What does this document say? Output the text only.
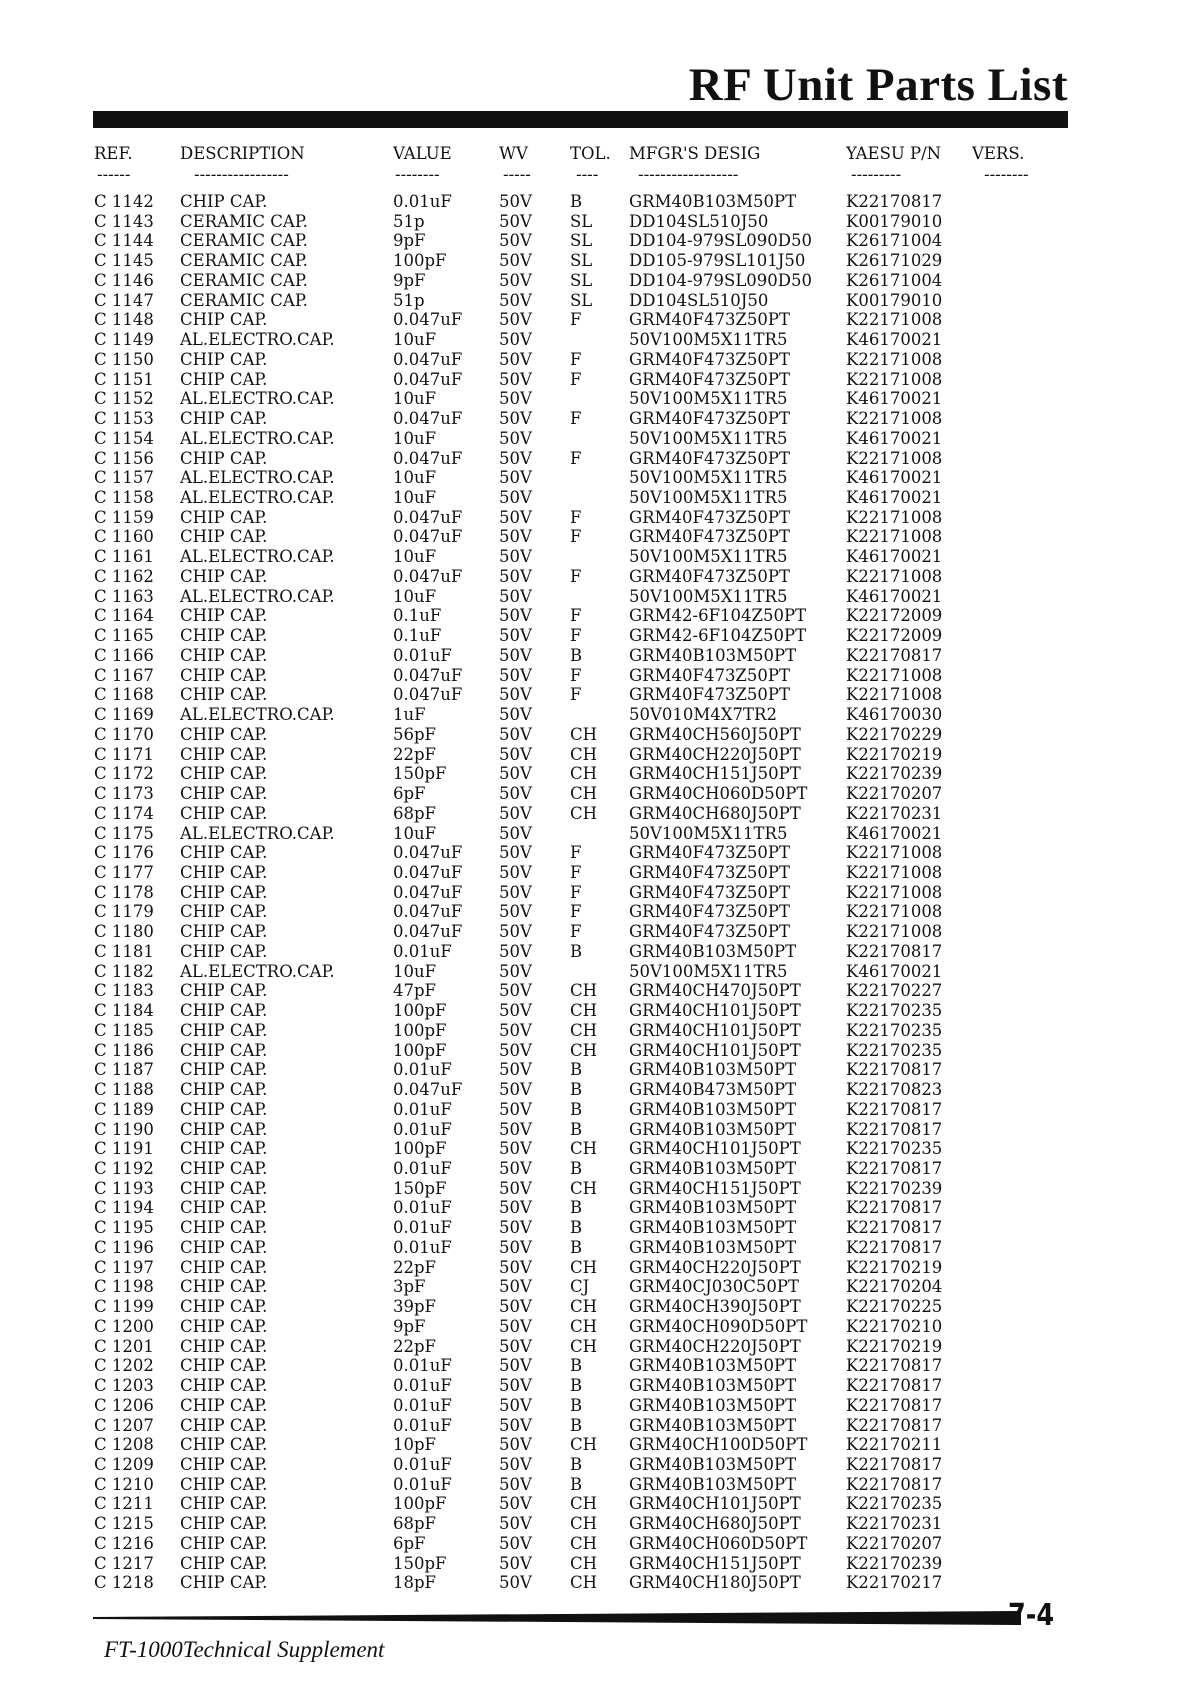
RF Unit Parts List
REF.	DESCRIPTION	VALUE	WV	TOL.	MFGR'S DESIG	YAESU P/N	VERS.
------	-----------------	--------	-----	----	------------------	---------	--------
C 1142	CHIP CAP.	0.01uF	50V	B	GRM40B103M50PT	K22170817	
C 1143	CERAMIC CAP.	51p	50V	SL	DD104SL510J50	K00179010	
C 1144	CERAMIC CAP.	9pF	50V	SL	DD104-979SL090D50	K26171004	
C 1145	CERAMIC CAP.	100pF	50V	SL	DD105-979SL101J50	K26171029	
C 1146	CERAMIC CAP.	9pF	50V	SL	DD104-979SL090D50	K26171004	
C 1147	CERAMIC CAP.	51p	50V	SL	DD104SL510J50	K00179010	
C 1148	CHIP CAP.	0.047uF	50V	F	GRM40F473Z50PT	K22171008	
C 1149	AL.ELECTRO.CAP.	10uF	50V		50V100M5X11TR5	K46170021	
C 1150	CHIP CAP.	0.047uF	50V	F	GRM40F473Z50PT	K22171008	
C 1151	CHIP CAP.	0.047uF	50V	F	GRM40F473Z50PT	K22171008	
C 1152	AL.ELECTRO.CAP.	10uF	50V		50V100M5X11TR5	K46170021	
C 1153	CHIP CAP.	0.047uF	50V	F	GRM40F473Z50PT	K22171008	
C 1154	AL.ELECTRO.CAP.	10uF	50V		50V100M5X11TR5	K46170021	
C 1156	CHIP CAP.	0.047uF	50V	F	GRM40F473Z50PT	K22171008	
C 1157	AL.ELECTRO.CAP.	10uF	50V		50V100M5X11TR5	K46170021	
C 1158	AL.ELECTRO.CAP.	10uF	50V		50V100M5X11TR5	K46170021	
C 1159	CHIP CAP.	0.047uF	50V	F	GRM40F473Z50PT	K22171008	
C 1160	CHIP CAP.	0.047uF	50V	F	GRM40F473Z50PT	K22171008	
C 1161	AL.ELECTRO.CAP.	10uF	50V		50V100M5X11TR5	K46170021	
C 1162	CHIP CAP.	0.047uF	50V	F	GRM40F473Z50PT	K22171008	
C 1163	AL.ELECTRO.CAP.	10uF	50V		50V100M5X11TR5	K46170021	
C 1164	CHIP CAP.	0.1uF	50V	F	GRM42-6F104Z50PT	K22172009	
C 1165	CHIP CAP.	0.1uF	50V	F	GRM42-6F104Z50PT	K22172009	
C 1166	CHIP CAP.	0.01uF	50V	B	GRM40B103M50PT	K22170817	
C 1167	CHIP CAP.	0.047uF	50V	F	GRM40F473Z50PT	K22171008	
C 1168	CHIP CAP.	0.047uF	50V	F	GRM40F473Z50PT	K22171008	
C 1169	AL.ELECTRO.CAP.	1uF	50V		50V010M4X7TR2	K46170030	
C 1170	CHIP CAP.	56pF	50V	CH	GRM40CH560J50PT	K22170229	
C 1171	CHIP CAP.	22pF	50V	CH	GRM40CH220J50PT	K22170219	
C 1172	CHIP CAP.	150pF	50V	CH	GRM40CH151J50PT	K22170239	
C 1173	CHIP CAP.	6pF	50V	CH	GRM40CH060D50PT	K22170207	
C 1174	CHIP CAP.	68pF	50V	CH	GRM40CH680J50PT	K22170231	
C 1175	AL.ELECTRO.CAP.	10uF	50V		50V100M5X11TR5	K46170021	
C 1176	CHIP CAP.	0.047uF	50V	F	GRM40F473Z50PT	K22171008	
C 1177	CHIP CAP.	0.047uF	50V	F	GRM40F473Z50PT	K22171008	
C 1178	CHIP CAP.	0.047uF	50V	F	GRM40F473Z50PT	K22171008	
C 1179	CHIP CAP.	0.047uF	50V	F	GRM40F473Z50PT	K22171008	
C 1180	CHIP CAP.	0.047uF	50V	F	GRM40F473Z50PT	K22171008	
C 1181	CHIP CAP.	0.01uF	50V	B	GRM40B103M50PT	K22170817	
C 1182	AL.ELECTRO.CAP.	10uF	50V		50V100M5X11TR5	K46170021	
C 1183	CHIP CAP.	47pF	50V	CH	GRM40CH470J50PT	K22170227	
C 1184	CHIP CAP.	100pF	50V	CH	GRM40CH101J50PT	K22170235	
C 1185	CHIP CAP.	100pF	50V	CH	GRM40CH101J50PT	K22170235	
C 1186	CHIP CAP.	100pF	50V	CH	GRM40CH101J50PT	K22170235	
C 1187	CHIP CAP.	0.01uF	50V	B	GRM40B103M50PT	K22170817	
C 1188	CHIP CAP.	0.047uF	50V	B	GRM40B473M50PT	K22170823	
C 1189	CHIP CAP.	0.01uF	50V	B	GRM40B103M50PT	K22170817	
C 1190	CHIP CAP.	0.01uF	50V	B	GRM40B103M50PT	K22170817	
C 1191	CHIP CAP.	100pF	50V	CH	GRM40CH101J50PT	K22170235	
C 1192	CHIP CAP.	0.01uF	50V	B	GRM40B103M50PT	K22170817	
C 1193	CHIP CAP.	150pF	50V	CH	GRM40CH151J50PT	K22170239	
C 1194	CHIP CAP.	0.01uF	50V	B	GRM40B103M50PT	K22170817	
C 1195	CHIP CAP.	0.01uF	50V	B	GRM40B103M50PT	K22170817	
C 1196	CHIP CAP.	0.01uF	50V	B	GRM40B103M50PT	K22170817	
C 1197	CHIP CAP.	22pF	50V	CH	GRM40CH220J50PT	K22170219	
C 1198	CHIP CAP.	3pF	50V	CJ	GRM40CJ030C50PT	K22170204	
C 1199	CHIP CAP.	39pF	50V	CH	GRM40CH390J50PT	K22170225	
C 1200	CHIP CAP.	9pF	50V	CH	GRM40CH090D50PT	K22170210	
C 1201	CHIP CAP.	22pF	50V	CH	GRM40CH220J50PT	K22170219	
C 1202	CHIP CAP.	0.01uF	50V	B	GRM40B103M50PT	K22170817	
C 1203	CHIP CAP.	0.01uF	50V	B	GRM40B103M50PT	K22170817	
C 1206	CHIP CAP.	0.01uF	50V	B	GRM40B103M50PT	K22170817	
C 1207	CHIP CAP.	0.01uF	50V	B	GRM40B103M50PT	K22170817	
C 1208	CHIP CAP.	10pF	50V	CH	GRM40CH100D50PT	K22170211	
C 1209	CHIP CAP.	0.01uF	50V	B	GRM40B103M50PT	K22170817	
C 1210	CHIP CAP.	0.01uF	50V	B	GRM40B103M50PT	K22170817	
C 1211	CHIP CAP.	100pF	50V	CH	GRM40CH101J50PT	K22170235	
C 1215	CHIP CAP.	68pF	50V	CH	GRM40CH680J50PT	K22170231	
C 1216	CHIP CAP.	6pF	50V	CH	GRM40CH060D50PT	K22170207	
C 1217	CHIP CAP.	150pF	50V	CH	GRM40CH151J50PT	K22170239	
C 1218	CHIP CAP.	18pF	50V	CH	GRM40CH180J50PT	K22170217	
7-4
FT-1000Technical Supplement
